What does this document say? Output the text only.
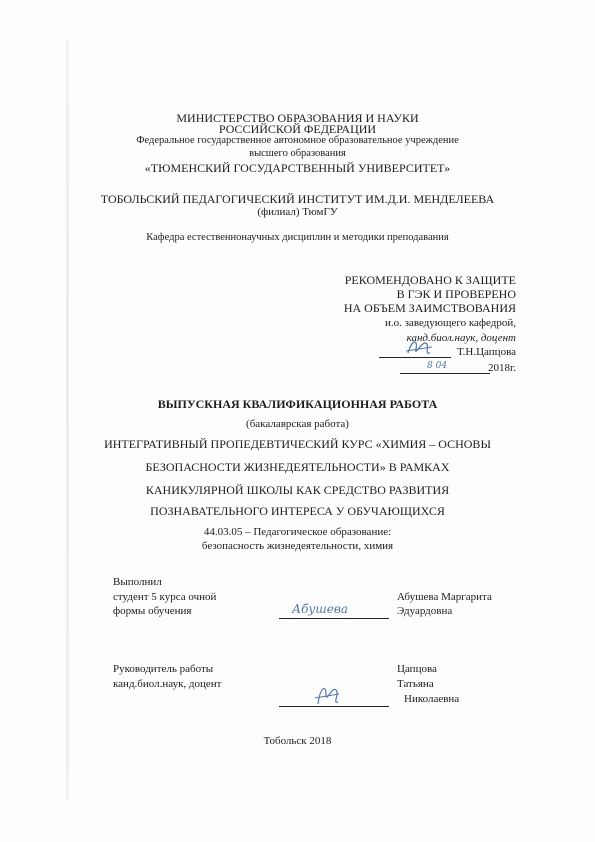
МИНИСТЕРСТВО ОБРАЗОВАНИЯ И НАУКИ
РОССИЙСКОЙ ФЕДЕРАЦИИ
Федеральное государственное автономное образовательное учреждение
высшего образования
«ТЮМЕНСКИЙ ГОСУДАРСТВЕННЫЙ УНИВЕРСИТЕТ»
ТОБОЛЬСКИЙ ПЕДАГОГИЧЕСКИЙ ИНСТИТУТ ИМ.Д.И. МЕНДЕЛЕЕВА
(филиал) ТюмГУ
Кафедра естественнонаучных дисциплин и методики преподавания
РЕКОМЕНДОВАНО К ЗАЩИТЕ
В ГЭК И ПРОВЕРЕНО
НА ОБЪЕМ ЗАИМСТВОВАНИЯ
и.о. заведующего кафедрой,
канд.биол.наук, доцент
Т.Н.Цапцова
8 04	2018г.
ВЫПУСКНАЯ КВАЛИФИКАЦИОННАЯ РАБОТА
(бакалаврская работа)
ИНТЕГРАТИВНЫЙ ПРОПЕДЕВТИЧЕСКИЙ КУРС «ХИМИЯ – ОСНОВЫ
БЕЗОПАСНОСТИ ЖИЗНЕДЕЯТЕЛЬНОСТИ» В РАМКАХ
КАНИКУЛЯРНОЙ ШКОЛЫ КАК СРЕДСТВО РАЗВИТИЯ
ПОЗНАВАТЕЛЬНОГО ИНТЕРЕСА У ОБУЧАЮЩИХСЯ
44.03.05 – Педагогическое образование:
безопасность жизнедеятельности, химия
Выполнил
студент 5 курса очной
формы обучения	Абушева
Абушева Маргарита
Эдуардовна
Руководитель работы
канд.биол.наук, доцент
Цапцова
Татьяна
Николаевна
Тобольск 2018
